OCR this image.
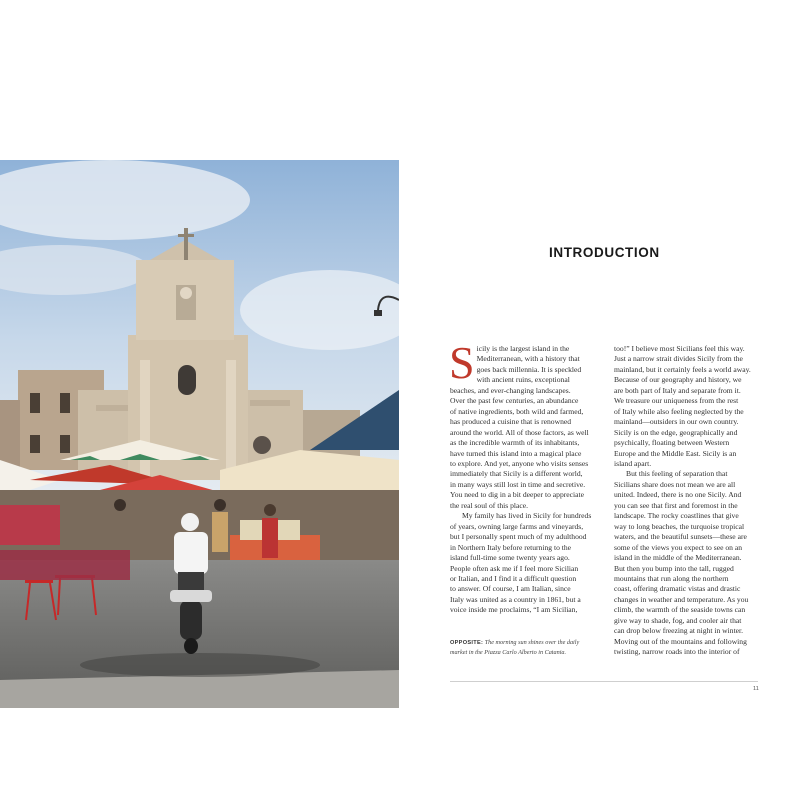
INTRODUCTION
S icily is the largest island in the
Mediterranean, with a history that
goes back millennia. It is speckled
with ancient ruins, exceptional
beaches, and ever-changing landscapes.
Over the past few centuries, an abundance
of native ingredients, both wild and farmed,
has produced a cuisine that is renowned
around the world. All of those factors, as well
as the incredible warmth of its inhabitants,
have turned this island into a magical place
to explore. And yet, anyone who visits senses
immediately that Sicily is a different world,
in many ways still lost in time and secretive.
You need to dig in a bit deeper to appreciate
the real soul of this place.
My family has lived in Sicily for hundreds
of years, owning large farms and vineyards,
but I personally spent much of my adulthood
in Northern Italy before returning to the
island full-time some twenty years ago.
People often ask me if I feel more Sicilian
or Italian, and I find it a difficult question
to answer. Of course, I am Italian, since
Italy was united as a country in 1861, but a
voice inside me proclaims, “I am Sicilian,
too!” I believe most Sicilians feel this way.
Just a narrow strait divides Sicily from the
mainland, but it certainly feels a world away.
Because of our geography and history, we
are both part of Italy and separate from it.
We treasure our uniqueness from the rest
of Italy while also feeling neglected by the
mainland—outsiders in our own country.
Sicily is on the edge, geographically and
psychically, floating between Western
Europe and the Middle East. Sicily is an
island apart.
But this feeling of separation that
Sicilians share does not mean we are all
united. Indeed, there is no one Sicily. And
you can see that first and foremost in the
landscape. The rocky coastlines that give
way to long beaches, the turquoise tropical
waters, and the beautiful sunsets—these are
some of the views you expect to see on an
island in the middle of the Mediterranean.
But then you bump into the tall, rugged
mountains that run along the northern
coast, offering dramatic vistas and drastic
changes in weather and temperature. As you
climb, the warmth of the seaside towns can
give way to shade, fog, and cooler air that
can drop below freezing at night in winter.
Moving out of the mountains and following
twisting, narrow roads into the interior of
OPPOSITE: The morning sun shines over the daily
market in the Piazza Carlo Alberto in Catania.
11
